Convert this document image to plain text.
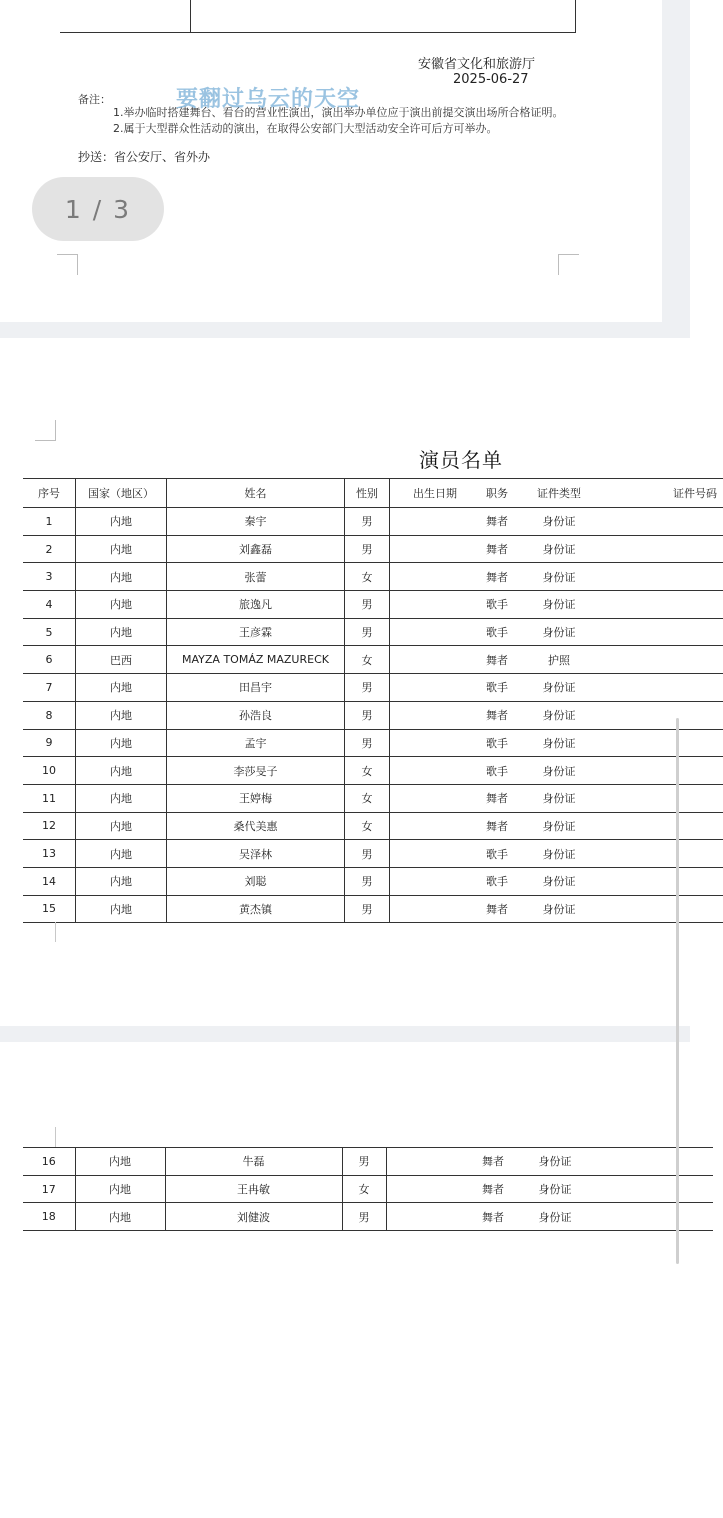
安徽省文化和旅游厅
2025-06-27
备注：
1.举办临时搭建舞台、看台的营业性演出，演出举办单位应于演出前提交演出场所合格证明。
2.属于大型群众性活动的演出，在取得公安部门大型活动安全许可后方可举办。
要翻过乌云的天空
抄送：省公安厅、省外办
1 / 3
演员名单
序号	国家（地区）	姓名	性别	出生日期	职务	证件类型	证件号码
1	内地	秦宇	男		舞者	身份证	
2	内地	刘鑫磊	男		舞者	身份证	
3	内地	张蕾	女		舞者	身份证	
4	内地	旅逸凡	男		歌手	身份证	
5	内地	王彦霖	男		歌手	身份证	
6	巴西	MAYZA TOMÁZ MAZURECK	女		舞者	护照	
7	内地	田昌宇	男		歌手	身份证	
8	内地	孙浩良	男		舞者	身份证	
9	内地	孟宇	男		歌手	身份证	
10	内地	李莎旻子	女		歌手	身份证	
11	内地	王婷梅	女		舞者	身份证	
12	内地	桑代美惠	女		舞者	身份证	
13	内地	吴泽林	男		歌手	身份证	
14	内地	刘聪	男		歌手	身份证	
15	内地	黄杰镇	男		舞者	身份证	
16	内地	牛磊	男		舞者	身份证	
17	内地	王冉敏	女		舞者	身份证	
18	内地	刘健波	男		舞者	身份证	
